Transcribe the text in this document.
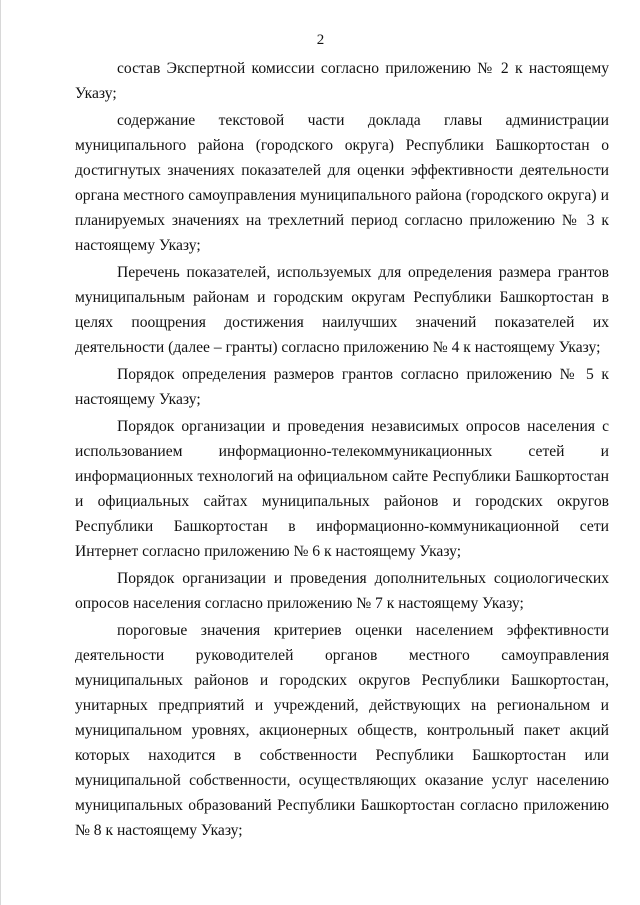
2

состав Экспертной комиссии согласно приложению № 2 к настоящему Указу;

содержание текстовой части доклада главы администрации муниципального района (городского округа) Республики Башкортостан о достигнутых значениях показателей для оценки эффективности деятельности органа местного самоуправления муниципального района (городского округа) и планируемых значениях на трехлетний период согласно приложению № 3 к настоящему Указу;

Перечень показателей, используемых для определения размера грантов муниципальным районам и городским округам Республики Башкортостан в целях поощрения достижения наилучших значений показателей их деятельности (далее – гранты) согласно приложению № 4 к настоящему Указу;

Порядок определения размеров грантов согласно приложению № 5 к настоящему Указу;

Порядок организации и проведения независимых опросов населения с использованием информационно-телекоммуникационных сетей и информационных технологий на официальном сайте Республики Башкортостан и официальных сайтах муниципальных районов и городских округов Республики Башкортостан в информационно-коммуникационной сети Интернет согласно приложению № 6 к настоящему Указу;

Порядок организации и проведения дополнительных социологических опросов населения согласно приложению № 7 к настоящему Указу;

пороговые значения критериев оценки населением эффективности деятельности руководителей органов местного самоуправления муниципальных районов и городских округов Республики Башкортостан, унитарных предприятий и учреждений, действующих на региональном и муниципальном уровнях, акционерных обществ, контрольный пакет акций которых находится в собственности Республики Башкортостан или муниципальной собственности, осуществляющих оказание услуг населению муниципальных образований Республики Башкортостан согласно приложению № 8 к настоящему Указу;
